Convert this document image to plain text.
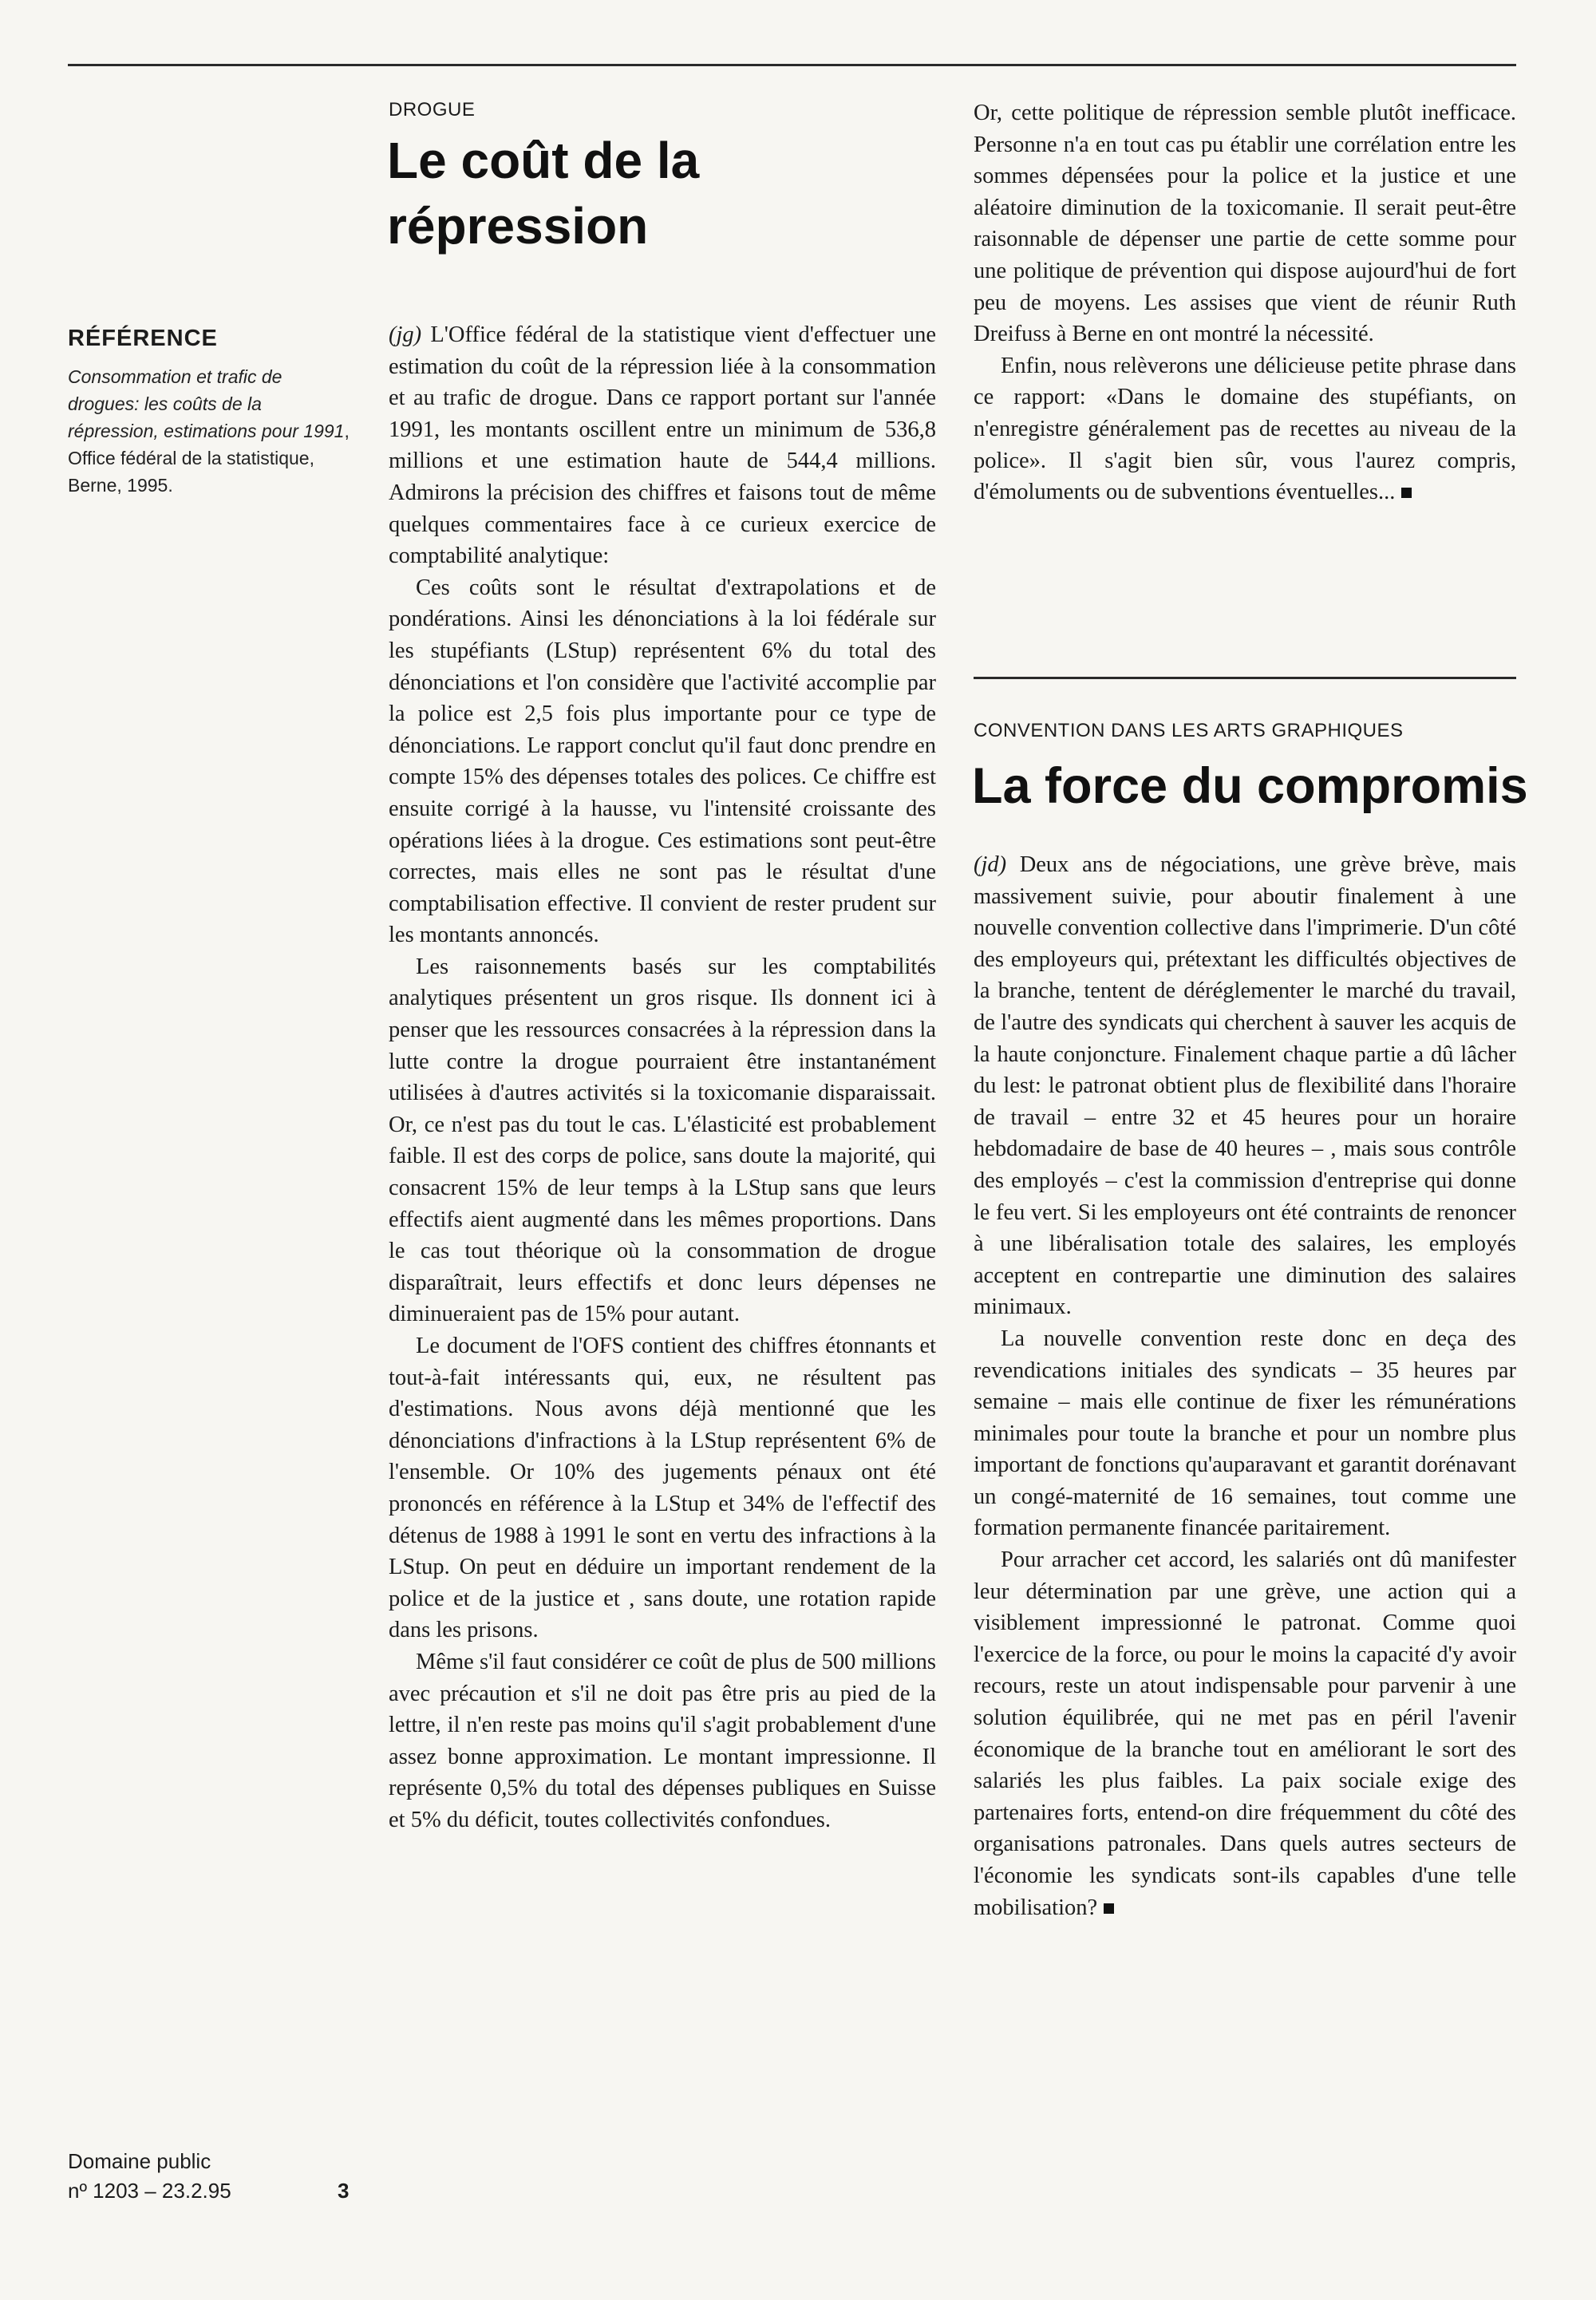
RÉFÉRENCE

Consommation et trafic de drogues: les coûts de la répression, estimations pour 1991, Office fédéral de la statistique, Berne, 1995.

Domaine public
nº 1203 – 23.2.95	3

DROGUE

Le coût de la
répression

(jg) L'Office fédéral de la statistique vient d'effectuer une estimation du coût de la répression liée à la consommation et au trafic de drogue. Dans ce rapport portant sur l'année 1991, les montants oscillent entre un minimum de 536,8 millions et une estimation haute de 544,4 millions. Admirons la précision des chiffres et faisons tout de même quelques commentaires face à ce curieux exercice de comptabilité analytique:

Ces coûts sont le résultat d'extrapolations et de pondérations. Ainsi les dénonciations à la loi fédérale sur les stupéfiants (LStup) représentent 6% du total des dénonciations et l'on considère que l'activité accomplie par la police est 2,5 fois plus importante pour ce type de dénonciations. Le rapport conclut qu'il faut donc prendre en compte 15% des dépenses totales des polices. Ce chiffre est ensuite corrigé à la hausse, vu l'intensité croissante des opérations liées à la drogue. Ces estimations sont peut-être correctes, mais elles ne sont pas le résultat d'une comptabilisation effective. Il convient de rester prudent sur les montants annoncés.

Les raisonnements basés sur les comptabilités analytiques présentent un gros risque. Ils donnent ici à penser que les ressources consacrées à la répression dans la lutte contre la drogue pourraient être instantanément utilisées à d'autres activités si la toxicomanie disparaissait. Or, ce n'est pas du tout le cas. L'élasticité est probablement faible. Il est des corps de police, sans doute la majorité, qui consacrent 15% de leur temps à la LStup sans que leurs effectifs aient augmenté dans les mêmes proportions. Dans le cas tout théorique où la consommation de drogue disparaîtrait, leurs effectifs et donc leurs dépenses ne diminueraient pas de 15% pour autant.

Le document de l'OFS contient des chiffres étonnants et tout-à-fait intéressants qui, eux, ne résultent pas d'estimations. Nous avons déjà mentionné que les dénonciations d'infractions à la LStup représentent 6% de l'ensemble. Or 10% des jugements pénaux ont été prononcés en référence à la LStup et 34% de l'effectif des détenus de 1988 à 1991 le sont en vertu des infractions à la LStup. On peut en déduire un important rendement de la police et de la justice et , sans doute, une rotation rapide dans les prisons.

Même s'il faut considérer ce coût de plus de 500 millions avec précaution et s'il ne doit pas être pris au pied de la lettre, il n'en reste pas moins qu'il s'agit probablement d'une assez bonne approximation. Le montant impressionne. Il représente 0,5% du total des dépenses publiques en Suisse et 5% du déficit, toutes collectivités confondues.

Or, cette politique de répression semble plutôt inefficace. Personne n'a en tout cas pu établir une corrélation entre les sommes dépensées pour la police et la justice et une aléatoire diminution de la toxicomanie. Il serait peut-être raisonnable de dépenser une partie de cette somme pour une politique de prévention qui dispose aujourd'hui de fort peu de moyens. Les assises que vient de réunir Ruth Dreifuss à Berne en ont montré la nécessité.

Enfin, nous relèverons une délicieuse petite phrase dans ce rapport: «Dans le domaine des stupéfiants, on n'enregistre généralement pas de recettes au niveau de la police». Il s'agit bien sûr, vous l'aurez compris, d'émoluments ou de subventions éventuelles...

CONVENTION DANS LES ARTS GRAPHIQUES

La force du compromis

(jd) Deux ans de négociations, une grève brève, mais massivement suivie, pour aboutir finalement à une nouvelle convention collective dans l'imprimerie. D'un côté des employeurs qui, prétextant les difficultés objectives de la branche, tentent de déréglementer le marché du travail, de l'autre des syndicats qui cherchent à sauver les acquis de la haute conjoncture. Finalement chaque partie a dû lâcher du lest: le patronat obtient plus de flexibilité dans l'horaire de travail – entre 32 et 45 heures pour un horaire hebdomadaire de base de 40 heures – , mais sous contrôle des employés – c'est la commission d'entreprise qui donne le feu vert. Si les employeurs ont été contraints de renoncer à une libéralisation totale des salaires, les employés acceptent en contrepartie une diminution des salaires minimaux.

La nouvelle convention reste donc en deça des revendications initiales des syndicats – 35 heures par semaine – mais elle continue de fixer les rémunérations minimales pour toute la branche et pour un nombre plus important de fonctions qu'auparavant et garantit dorénavant un congé-maternité de 16 semaines, tout comme une formation permanente financée paritairement.

Pour arracher cet accord, les salariés ont dû manifester leur détermination par une grève, une action qui a visiblement impressionné le patronat. Comme quoi l'exercice de la force, ou pour le moins la capacité d'y avoir recours, reste un atout indispensable pour parvenir à une solution équilibrée, qui ne met pas en péril l'avenir économique de la branche tout en améliorant le sort des salariés les plus faibles. La paix sociale exige des partenaires forts, entend-on dire fréquemment du côté des organisations patronales. Dans quels autres secteurs de l'économie les syndicats sont-ils capables d'une telle mobilisation?
